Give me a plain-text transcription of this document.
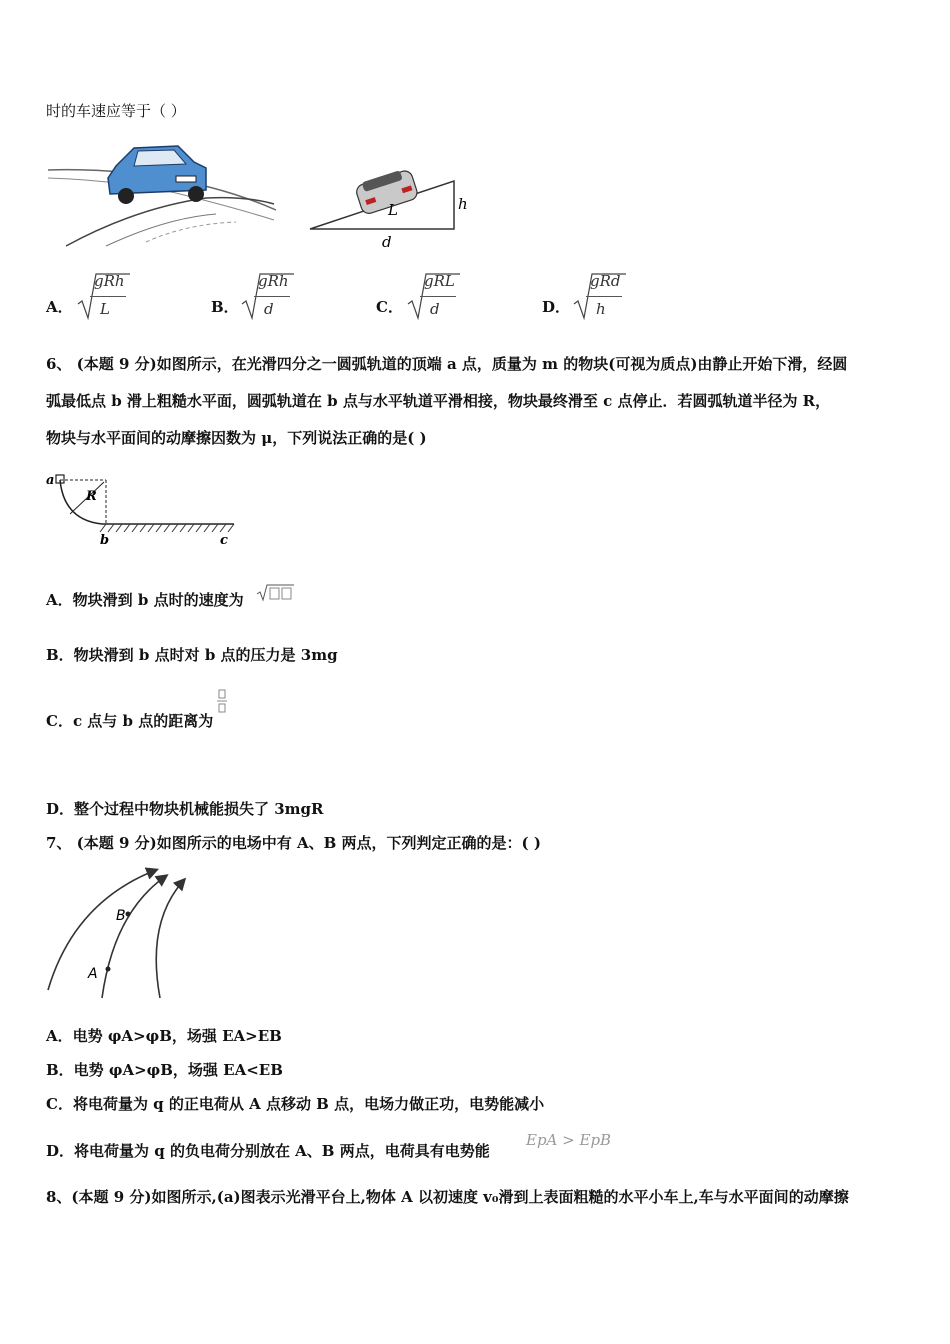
时的车速应等于（ ）
L	h
d
A．
gRh
L	B．
gRh
d	C．
gRL
d	D．
gRd
h
6、 (本题 9 分)如图所示，在光滑四分之一圆弧轨道的顶端 a 点，质量为 m 的物块(可视为质点)由静止开始下滑，经圆
弧最低点 b 滑上粗糙水平面，圆弧轨道在 b 点与水平轨道平滑相接，物块最终滑至 c 点停止．若圆弧轨道半径为 R，
物块与水平面间的动摩擦因数为 μ，下列说法正确的是( )
a
R
b	c
A．物块滑到 b 点时的速度为
B．物块滑到 b 点时对 b 点的压力是 3mg
C．c 点与 b 点的距离为
D．整个过程中物块机械能损失了 3mgR
7、 (本题 9 分)如图所示的电场中有 A、B 两点，下列判定正确的是：( )
A
B
A．电势 φA>φB，场强 EA>EB
B．电势 φA>φB，场强 EA<EB
C．将电荷量为 q 的正电荷从 A 点移动 B 点，电场力做正功，电势能减小
D．将电荷量为 q 的负电荷分别放在 A、B 两点，电荷具有电势能
EpA > EpB
8、(本题 9 分)如图所示,(a)图表示光滑平台上,物体 A 以初速度 v₀滑到上表面粗糙的水平小车上,车与水平面间的动摩擦
